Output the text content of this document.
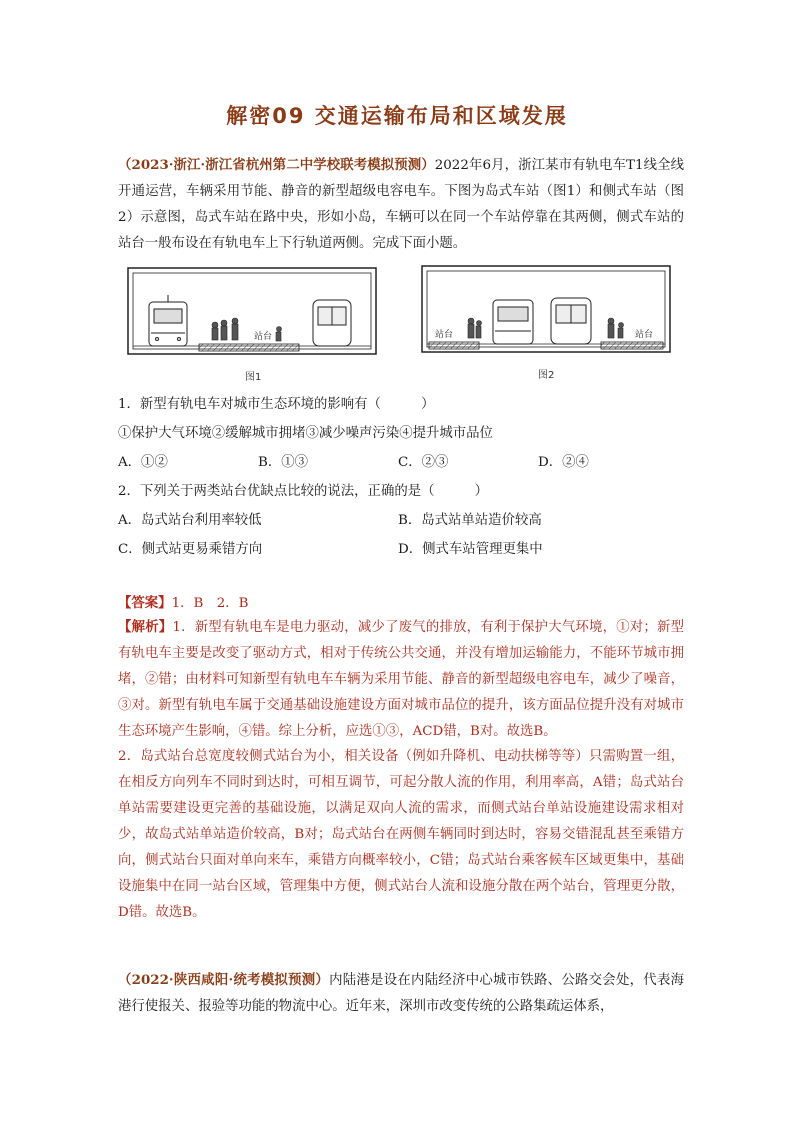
解密09 交通运输布局和区域发展
（2023·浙江·浙江省杭州第二中学校联考模拟预测）2022年6月，浙江某市有轨电车T1线全线开通运营，车辆采用节能、静音的新型超级电容电车。下图为岛式车站（图1）和侧式车站（图2）示意图，岛式车站在路中央，形如小岛，车辆可以在同一个车站停靠在其两侧，侧式车站的站台一般布设在有轨电车上下行轨道两侧。完成下面小题。
站台
图1
站台	站台
图2
1．新型有轨电车对城市生态环境的影响有（　　　）
①保护大气环境②缓解城市拥堵③减少噪声污染④提升城市品位
A．①②	B．①③	C．②③	D．②④
2．下列关于两类站台优缺点比较的说法，正确的是（　　　）
A．岛式站台利用率较低	B．岛式站单站造价较高
C．侧式站更易乘错方向	D．侧式车站管理更集中
【答案】1．B　2．B
【解析】1．新型有轨电车是电力驱动，减少了废气的排放，有利于保护大气环境，①对；新型有轨电车主要是改变了驱动方式，相对于传统公共交通，并没有增加运输能力，不能环节城市拥堵，②错；由材料可知新型有轨电车车辆为采用节能、静音的新型超级电容电车，减少了噪音，③对。新型有轨电车属于交通基础设施建设方面对城市品位的提升，该方面品位提升没有对城市生态环境产生影响，④错。综上分析，应选①③，ACD错，B对。故选B。
2．岛式站台总宽度较侧式站台为小，相关设备（例如升降机、电动扶梯等等）只需购置一组，在相反方向列车不同时到达时，可相互调节，可起分散人流的作用，利用率高，A错；岛式站台单站需要建设更完善的基础设施，以满足双向人流的需求，而侧式站台单站设施建设需求相对少，故岛式站单站造价较高，B对；岛式站台在两侧车辆同时到达时，容易交错混乱甚至乘错方向，侧式站台只面对单向来车，乘错方向概率较小，C错；岛式站台乘客候车区域更集中，基础设施集中在同一站台区域，管理集中方便，侧式站台人流和设施分散在两个站台，管理更分散，D错。故选B。
（2022·陕西咸阳·统考模拟预测）内陆港是设在内陆经济中心城市铁路、公路交会处，代表海港行使报关、报验等功能的物流中心。近年来，深圳市改变传统的公路集疏运体系，
